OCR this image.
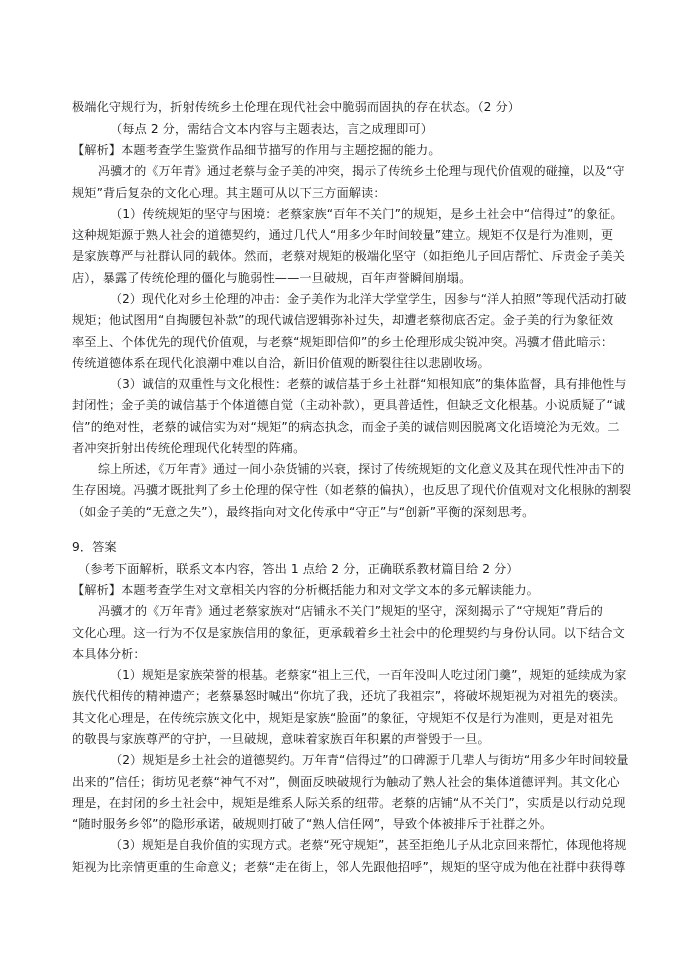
极端化守规行为，折射传统乡土伦理在现代社会中脆弱而固执的存在状态。（2 分）
（每点 2 分，需结合文本内容与主题表达，言之成理即可）
【解析】本题考查学生鉴赏作品细节描写的作用与主题挖掘的能力。
冯骥才的《万年青》通过老蔡与金子美的冲突，揭示了传统乡土伦理与现代价值观的碰撞，以及“守
规矩”背后复杂的文化心理。其主题可从以下三方面解读：
（1）传统规矩的坚守与困境：老蔡家族“百年不关门”的规矩，是乡土社会中“信得过”的象征。
这种规矩源于熟人社会的道德契约，通过几代人“用多少年时间较量”建立。规矩不仅是行为准则，更
是家族尊严与社群认同的载体。然而，老蔡对规矩的极端化坚守（如拒绝儿子回店帮忙、斥责金子美关
店），暴露了传统伦理的僵化与脆弱性——一旦破规，百年声誉瞬间崩塌。
（2）现代化对乡土伦理的冲击：金子美作为北洋大学堂学生，因参与“洋人拍照”等现代活动打破
规矩；他试图用“自掏腰包补款”的现代诚信逻辑弥补过失，却遭老蔡彻底否定。金子美的行为象征效
率至上、个体优先的现代价值观，与老蔡“规矩即信仰”的乡土伦理形成尖锐冲突。冯骥才借此暗示：
传统道德体系在现代化浪潮中难以自洽，新旧价值观的断裂往往以悲剧收场。
（3）诚信的双重性与文化根性：老蔡的诚信基于乡土社群“知根知底”的集体监督，具有排他性与
封闭性；金子美的诚信基于个体道德自觉（主动补款），更具普适性，但缺乏文化根基。小说质疑了“诚
信”的绝对性，老蔡的诚信实为对“规矩”的病态执念，而金子美的诚信则因脱离文化语境沦为无效。二
者冲突折射出传统伦理现代化转型的阵痛。
综上所述，《万年青》通过一间小杂货铺的兴衰，探讨了传统规矩的文化意义及其在现代性冲击下的
生存困境。冯骥才既批判了乡土伦理的保守性（如老蔡的偏执），也反思了现代价值观对文化根脉的割裂
（如金子美的“无意之失”），最终指向对文化传承中“守正”与“创新”平衡的深刻思考。
9．答案
（参考下面解析，联系文本内容，答出 1 点给 2 分，正确联系教材篇目给 2 分）
【解析】本题考查学生对文章相关内容的分析概括能力和对文学文本的多元解读能力。
冯骥才的《万年青》通过老蔡家族对“店铺永不关门”规矩的坚守，深刻揭示了“守规矩”背后的
文化心理。这一行为不仅是家族信用的象征，更承载着乡土社会中的伦理契约与身份认同。以下结合文
本具体分析：
（1）规矩是家族荣誉的根基。老蔡家“祖上三代，一百年没叫人吃过闭门羹”，规矩的延续成为家
族代代相传的精神遗产；老蔡暴怒时喊出“你坑了我，还坑了我祖宗”，将破坏规矩视为对祖先的亵渎。
其文化心理是，在传统宗族文化中，规矩是家族“脸面”的象征，守规矩不仅是行为准则，更是对祖先
的敬畏与家族尊严的守护，一旦破规，意味着家族百年积累的声誉毁于一旦。
（2）规矩是乡土社会的道德契约。万年青“信得过”的口碑源于几辈人与街坊“用多少年时间较量
出来的”信任；街坊见老蔡“神气不对”，侧面反映破规行为触动了熟人社会的集体道德评判。其文化心
理是，在封闭的乡土社会中，规矩是维系人际关系的纽带。老蔡的店铺“从不关门”，实质是以行动兑现
“随时服务乡邻”的隐形承诺，破规则打破了“熟人信任网”，导致个体被排斥于社群之外。
（3）规矩是自我价值的实现方式。老蔡“死守规矩”，甚至拒绝儿子从北京回来帮忙，体现他将规
矩视为比亲情更重的生命意义；老蔡“走在街上，邻人先跟他招呼”，规矩的坚守成为他在社群中获得尊
